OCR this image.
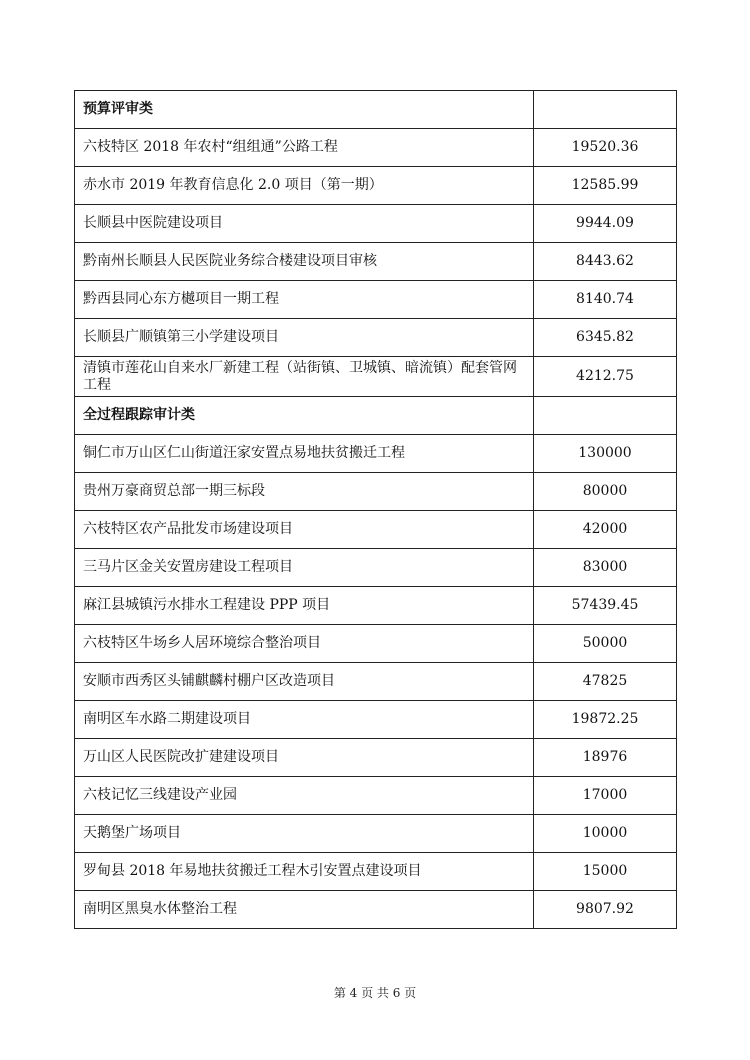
预算评审类	
六枝特区 2018 年农村“组组通”公路工程	19520.36
赤水市 2019 年教育信息化 2.0 项目（第一期）	12585.99
长顺县中医院建设项目	9944.09
黔南州长顺县人民医院业务综合楼建设项目审核	8443.62
黔西县同心东方樾项目一期工程	8140.74
长顺县广顺镇第三小学建设项目	6345.82
清镇市莲花山自来水厂新建工程（站街镇、卫城镇、暗流镇）配套管网工程	4212.75
全过程跟踪审计类	
铜仁市万山区仁山街道汪家安置点易地扶贫搬迁工程	130000
贵州万豪商贸总部一期三标段	80000
六枝特区农产品批发市场建设项目	42000
三马片区金关安置房建设工程项目	83000
麻江县城镇污水排水工程建设 PPP 项目	57439.45
六枝特区牛场乡人居环境综合整治项目	50000
安顺市西秀区头铺麒麟村棚户区改造项目	47825
南明区车水路二期建设项目	19872.25
万山区人民医院改扩建建设项目	18976
六枝记忆三线建设产业园	17000
天鹅堡广场项目	10000
罗甸县 2018 年易地扶贫搬迁工程木引安置点建设项目	15000
南明区黑臭水体整治工程	9807.92
第 4 页 共 6 页
